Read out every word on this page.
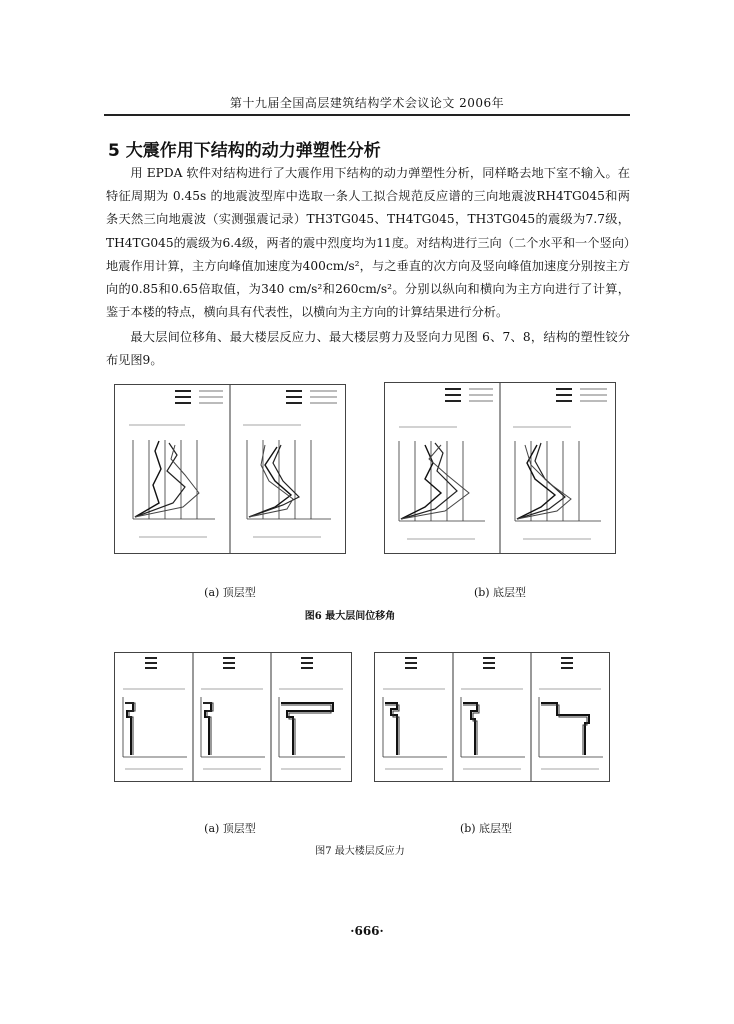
第十九届全国高层建筑结构学术会议论文 2006年
5 大震作用下结构的动力弹塑性分析
用 EPDA 软件对结构进行了大震作用下结构的动力弹塑性分析，同样略去地下室不输入。在特征周期为 0.45s 的地震波型库中选取一条人工拟合规范反应谱的三向地震波RH4TG045和两条天然三向地震波（实测强震记录）TH3TG045、TH4TG045，TH3TG045的震级为7.7级，TH4TG045的震级为6.4级，两者的震中烈度均为11度。对结构进行三向（二个水平和一个竖向）地震作用计算，主方向峰值加速度为400cm/s²，与之垂直的次方向及竖向峰值加速度分别按主方向的0.85和0.65倍取值，为340 cm/s²和260cm/s²。分别以纵向和横向为主方向进行了计算，鉴于本楼的特点，横向具有代表性，以横向为主方向的计算结果进行分析。
最大层间位移角、最大楼层反应力、最大楼层剪力及竖向力见图 6、7、8，结构的塑性铰分布见图9。
(a) 顶层型	(b) 底层型
图6 最大层间位移角
(a) 顶层型	(b) 底层型
图7 最大楼层反应力
·666·
